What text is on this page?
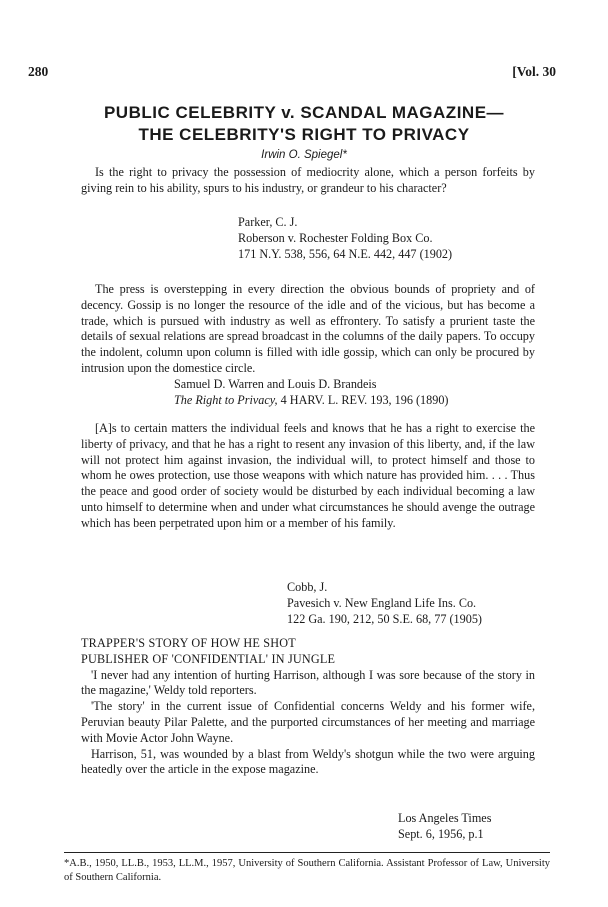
280	[Vol. 30
PUBLIC CELEBRITY v. SCANDAL MAGAZINE—
THE CELEBRITY'S RIGHT TO PRIVACY
Irwin O. Spiegel*

Is the right to privacy the possession of mediocrity alone, which a person forfeits by giving rein to his ability, spurs to his industry, or grandeur to his character?

Parker, C. J.
Roberson v. Rochester Folding Box Co.
171 N.Y. 538, 556, 64 N.E. 442, 447 (1902)

The press is overstepping in every direction the obvious bounds of propriety and of decency. Gossip is no longer the resource of the idle and of the vicious, but has become a trade, which is pursued with industry as well as effrontery. To satisfy a prurient taste the details of sexual relations are spread broadcast in the columns of the daily papers. To occupy the indolent, column upon column is filled with idle gossip, which can only be procured by intrusion upon the domestice circle.

Samuel D. Warren and Louis D. Brandeis
The Right to Privacy, 4 HARV. L. REV. 193, 196 (1890)

[A]s to certain matters the individual feels and knows that he has a right to exercise the liberty of privacy, and that he has a right to resent any invasion of this liberty, and, if the law will not protect him against invasion, the individual will, to protect himself and those to whom he owes protection, use those weapons with which nature has provided him. . . . Thus the peace and good order of society would be disturbed by each individual becoming a law unto himself to determine when and under what circumstances he should avenge the outrage which has been perpetrated upon him or a member of his family.

Cobb, J.
Pavesich v. New England Life Ins. Co.
122 Ga. 190, 212, 50 S.E. 68, 77 (1905)
TRAPPER'S STORY OF HOW HE SHOT
PUBLISHER OF 'CONFIDENTIAL' IN JUNGLE

'I never had any intention of hurting Harrison, although I was sore because of the story in the magazine,' Weldy told reporters.

'The story' in the current issue of Confidential concerns Weldy and his former wife, Peruvian beauty Pilar Palette, and the purported circumstances of her meeting and marriage with Movie Actor John Wayne.

Harrison, 51, was wounded by a blast from Weldy's shotgun while the two were arguing heatedly over the article in the expose magazine.

Los Angeles Times
Sept. 6, 1956, p.1
*A.B., 1950, LL.B., 1953, LL.M., 1957, University of Southern California. Assistant Professor of Law, University of Southern California.
